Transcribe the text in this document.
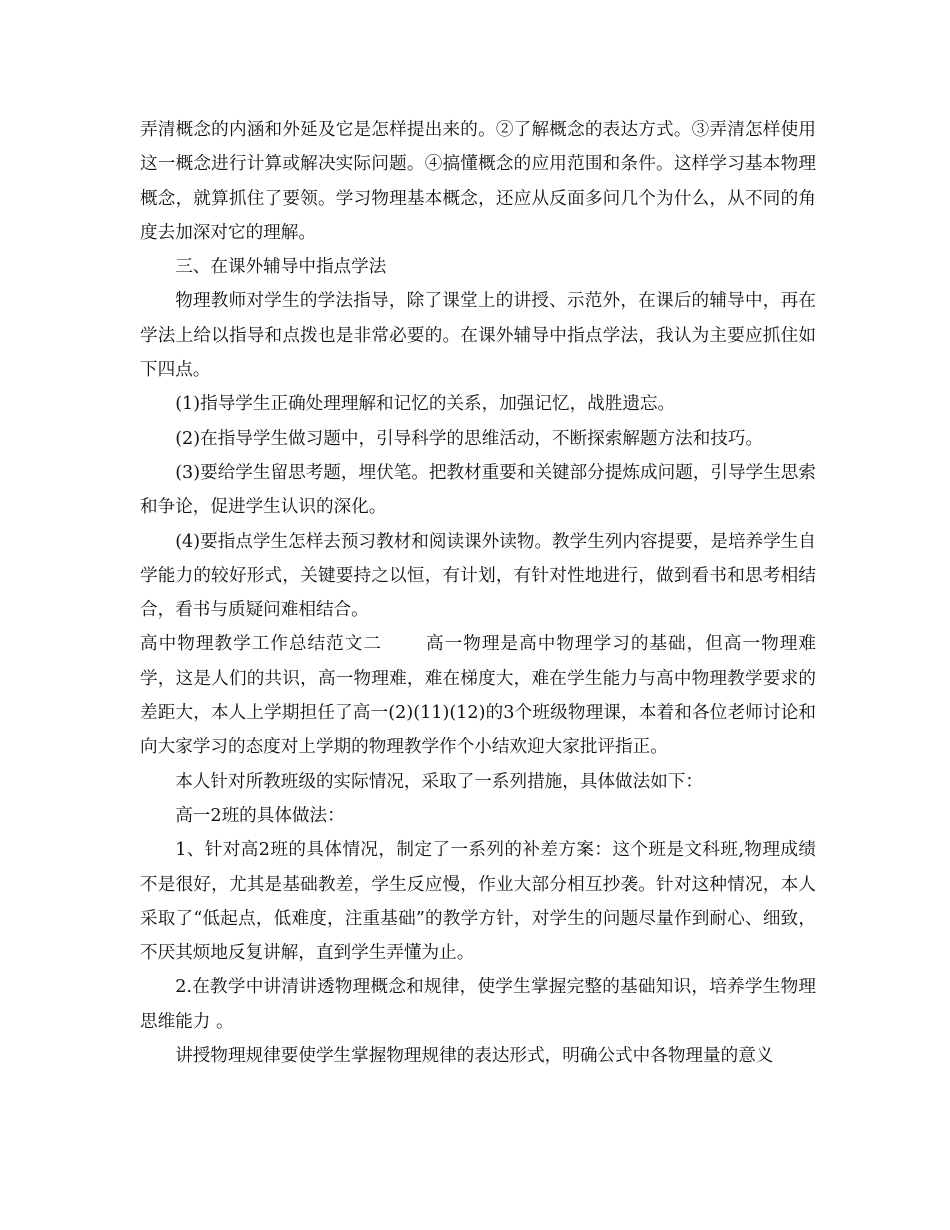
弄清概念的内涵和外延及它是怎样提出来的。②了解概念的表达方式。③弄清怎样使用这一概念进行计算或解决实际问题。④搞懂概念的应用范围和条件。这样学习基本物理概念，就算抓住了要领。学习物理基本概念，还应从反面多问几个为什么，从不同的角度去加深对它的理解。

三、在课外辅导中指点学法

物理教师对学生的学法指导，除了课堂上的讲授、示范外，在课后的辅导中，再在学法上给以指导和点拨也是非常必要的。在课外辅导中指点学法，我认为主要应抓住如下四点。

(1)指导学生正确处理理解和记忆的关系，加强记忆，战胜遗忘。

(2)在指导学生做习题中，引导科学的思维活动，不断探索解题方法和技巧。

(3)要给学生留思考题，埋伏笔。把教材重要和关键部分提炼成问题，引导学生思索和争论，促进学生认识的深化。

(4)要指点学生怎样去预习教材和阅读课外读物。教学生列内容提要，是培养学生自学能力的较好形式，关键要持之以恒，有计划，有针对性地进行，做到看书和思考相结合，看书与质疑问难相结合。

高中物理教学工作总结范文二	高一物理是高中物理学习的基础，但高一物理难学，这是人们的共识，高一物理难，难在梯度大，难在学生能力与高中物理教学要求的差距大，本人上学期担任了高一(2)(11)(12)的3个班级物理课，本着和各位老师讨论和向大家学习的态度对上学期的物理教学作个小结欢迎大家批评指正。

本人针对所教班级的实际情况，采取了一系列措施，具体做法如下：

高一2班的具体做法：

1、针对高2班的具体情况，制定了一系列的补差方案：这个班是文科班,物理成绩不是很好，尤其是基础教差，学生反应慢，作业大部分相互抄袭。针对这种情况，本人采取了“低起点，低难度，注重基础”的教学方针，对学生的问题尽量作到耐心、细致，不厌其烦地反复讲解，直到学生弄懂为止。

2.在教学中讲清讲透物理概念和规律，使学生掌握完整的基础知识，培养学生物理思维能力 。

讲授物理规律要使学生掌握物理规律的表达形式，明确公式中各物理量的意义
